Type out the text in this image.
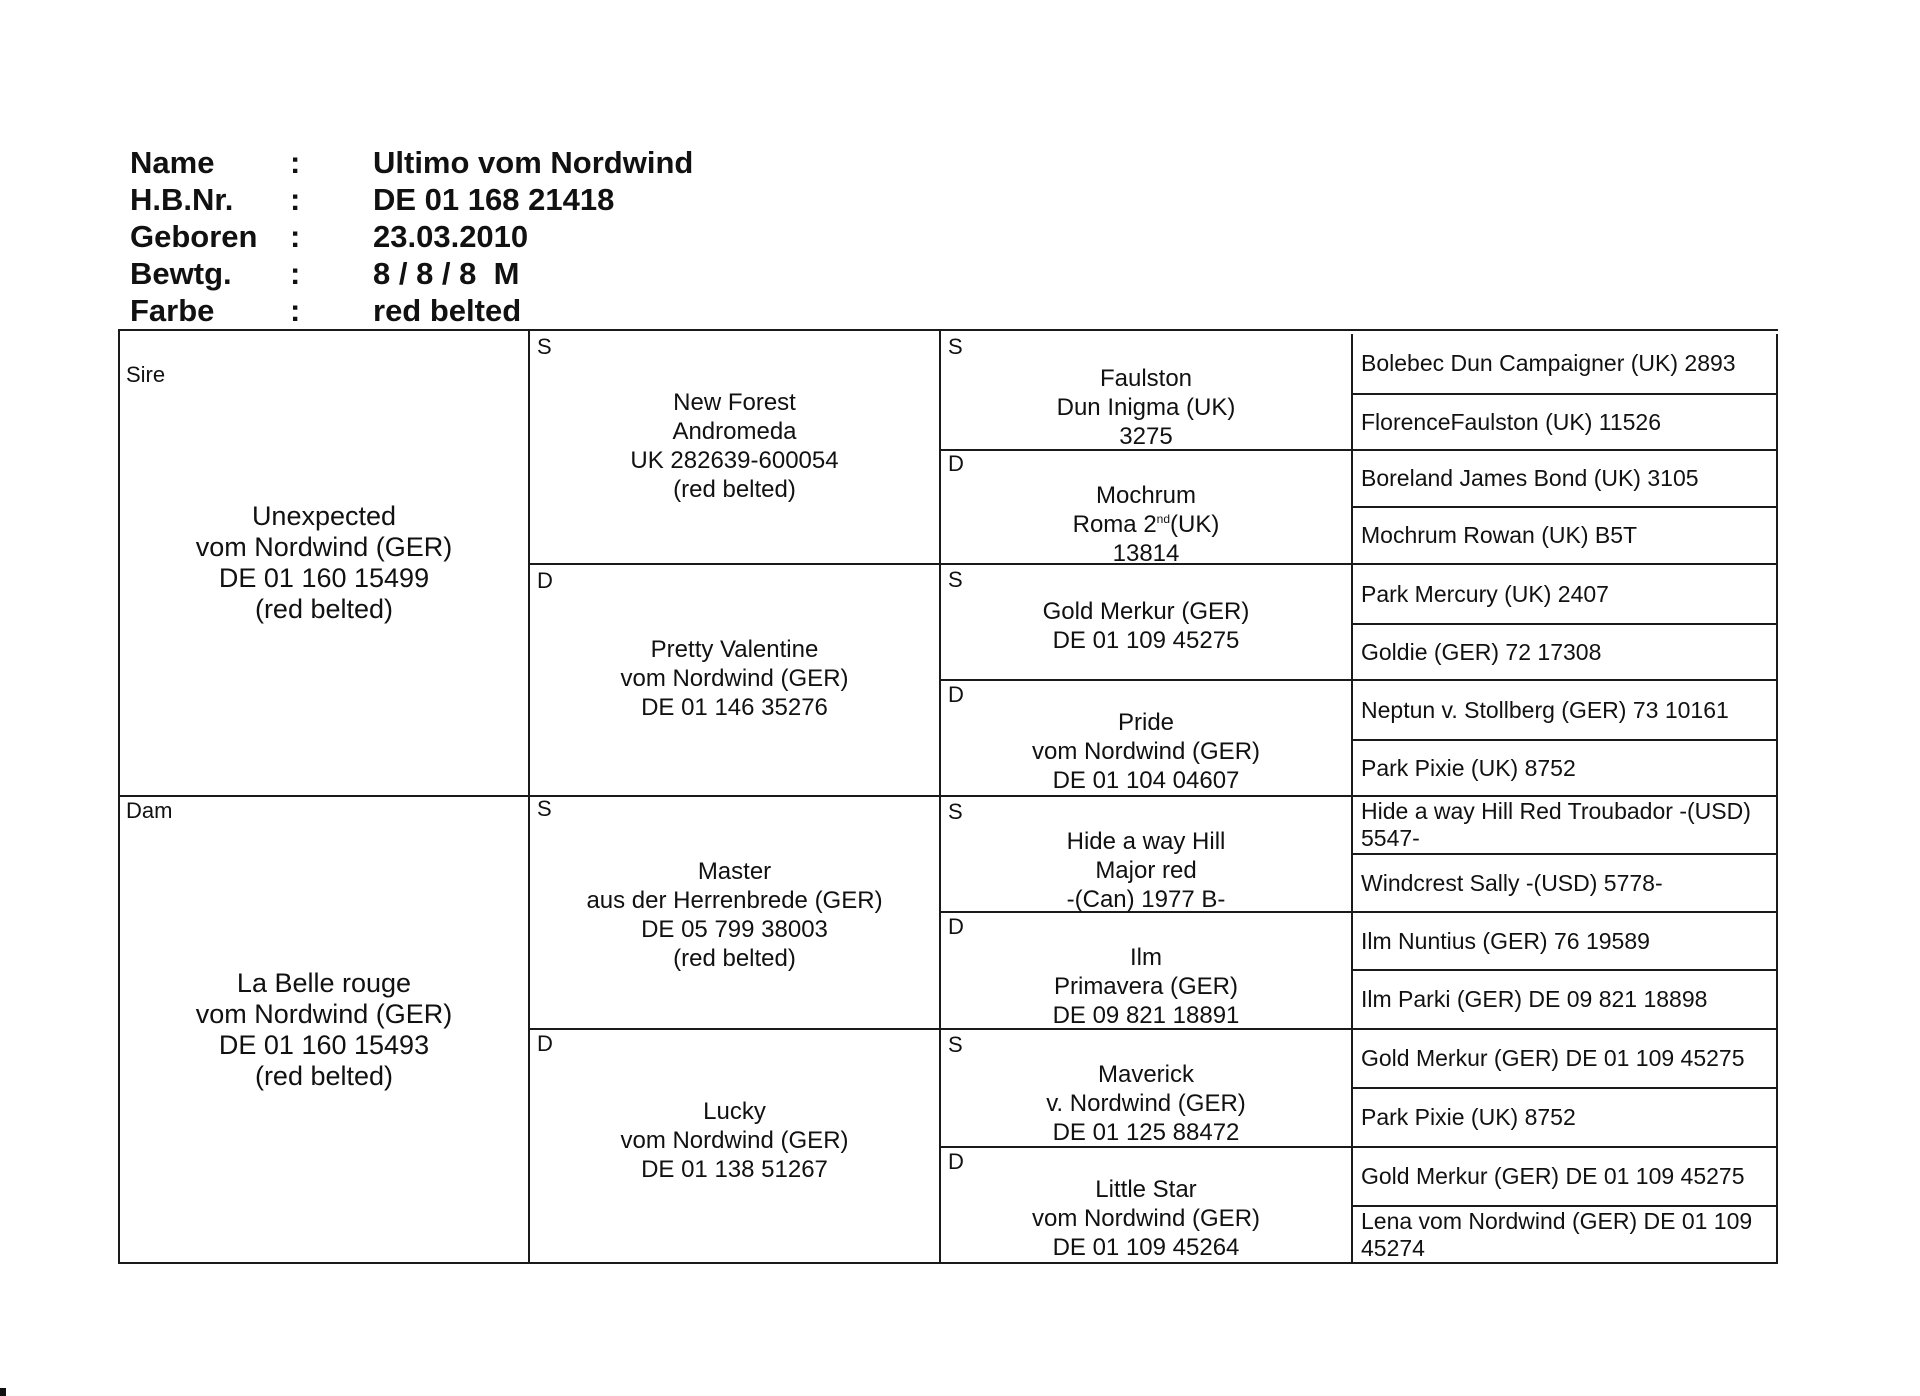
Name : Ultimo vom Nordwind
H.B.Nr. : DE 01 168 21418
Geboren : 23.03.2010
Bewtg. : 8 / 8 / 8  M
Farbe : red belted
Sire
Unexpected
vom Nordwind (GER)
DE 01 160 15499
(red belted)
Dam
La Belle rouge
vom Nordwind (GER)
DE 01 160 15493
(red belted)
S
New Forest
Andromeda
UK 282639-600054
(red belted)
D
Pretty Valentine
vom Nordwind (GER)
DE 01 146 35276
S
Master
aus der Herrenbrede (GER)
DE 05 799 38003
(red belted)
D
Lucky
vom Nordwind (GER)
DE 01 138 51267
S
Faulston
Dun Inigma (UK)
3275
D
Mochrum
Roma 2nd(UK)
13814
S
Gold Merkur (GER)
DE 01 109 45275
D
Pride
vom Nordwind (GER)
DE 01 104 04607
S
Hide a way Hill
Major red
-(Can) 1977 B-
D
Ilm
Primavera (GER)
DE 09 821 18891
S
Maverick
v. Nordwind (GER)
DE 01 125 88472
D
Little Star
vom Nordwind (GER)
DE 01 109 45264
Bolebec Dun Campaigner (UK) 2893
FlorenceFaulston (UK) 11526
Boreland James Bond (UK) 3105
Mochrum Rowan (UK) B5T
Park Mercury (UK) 2407
Goldie (GER) 72 17308
Neptun v. Stollberg (GER) 73 10161
Park Pixie (UK) 8752
Hide a way Hill Red Troubador -(USD) 5547-
Windcrest Sally -(USD) 5778-
Ilm Nuntius (GER) 76 19589
Ilm Parki (GER) DE 09 821 18898
Gold Merkur (GER) DE 01 109 45275
Park Pixie (UK) 8752
Gold Merkur (GER) DE 01 109 45275
Lena vom Nordwind (GER) DE 01 109 45274
